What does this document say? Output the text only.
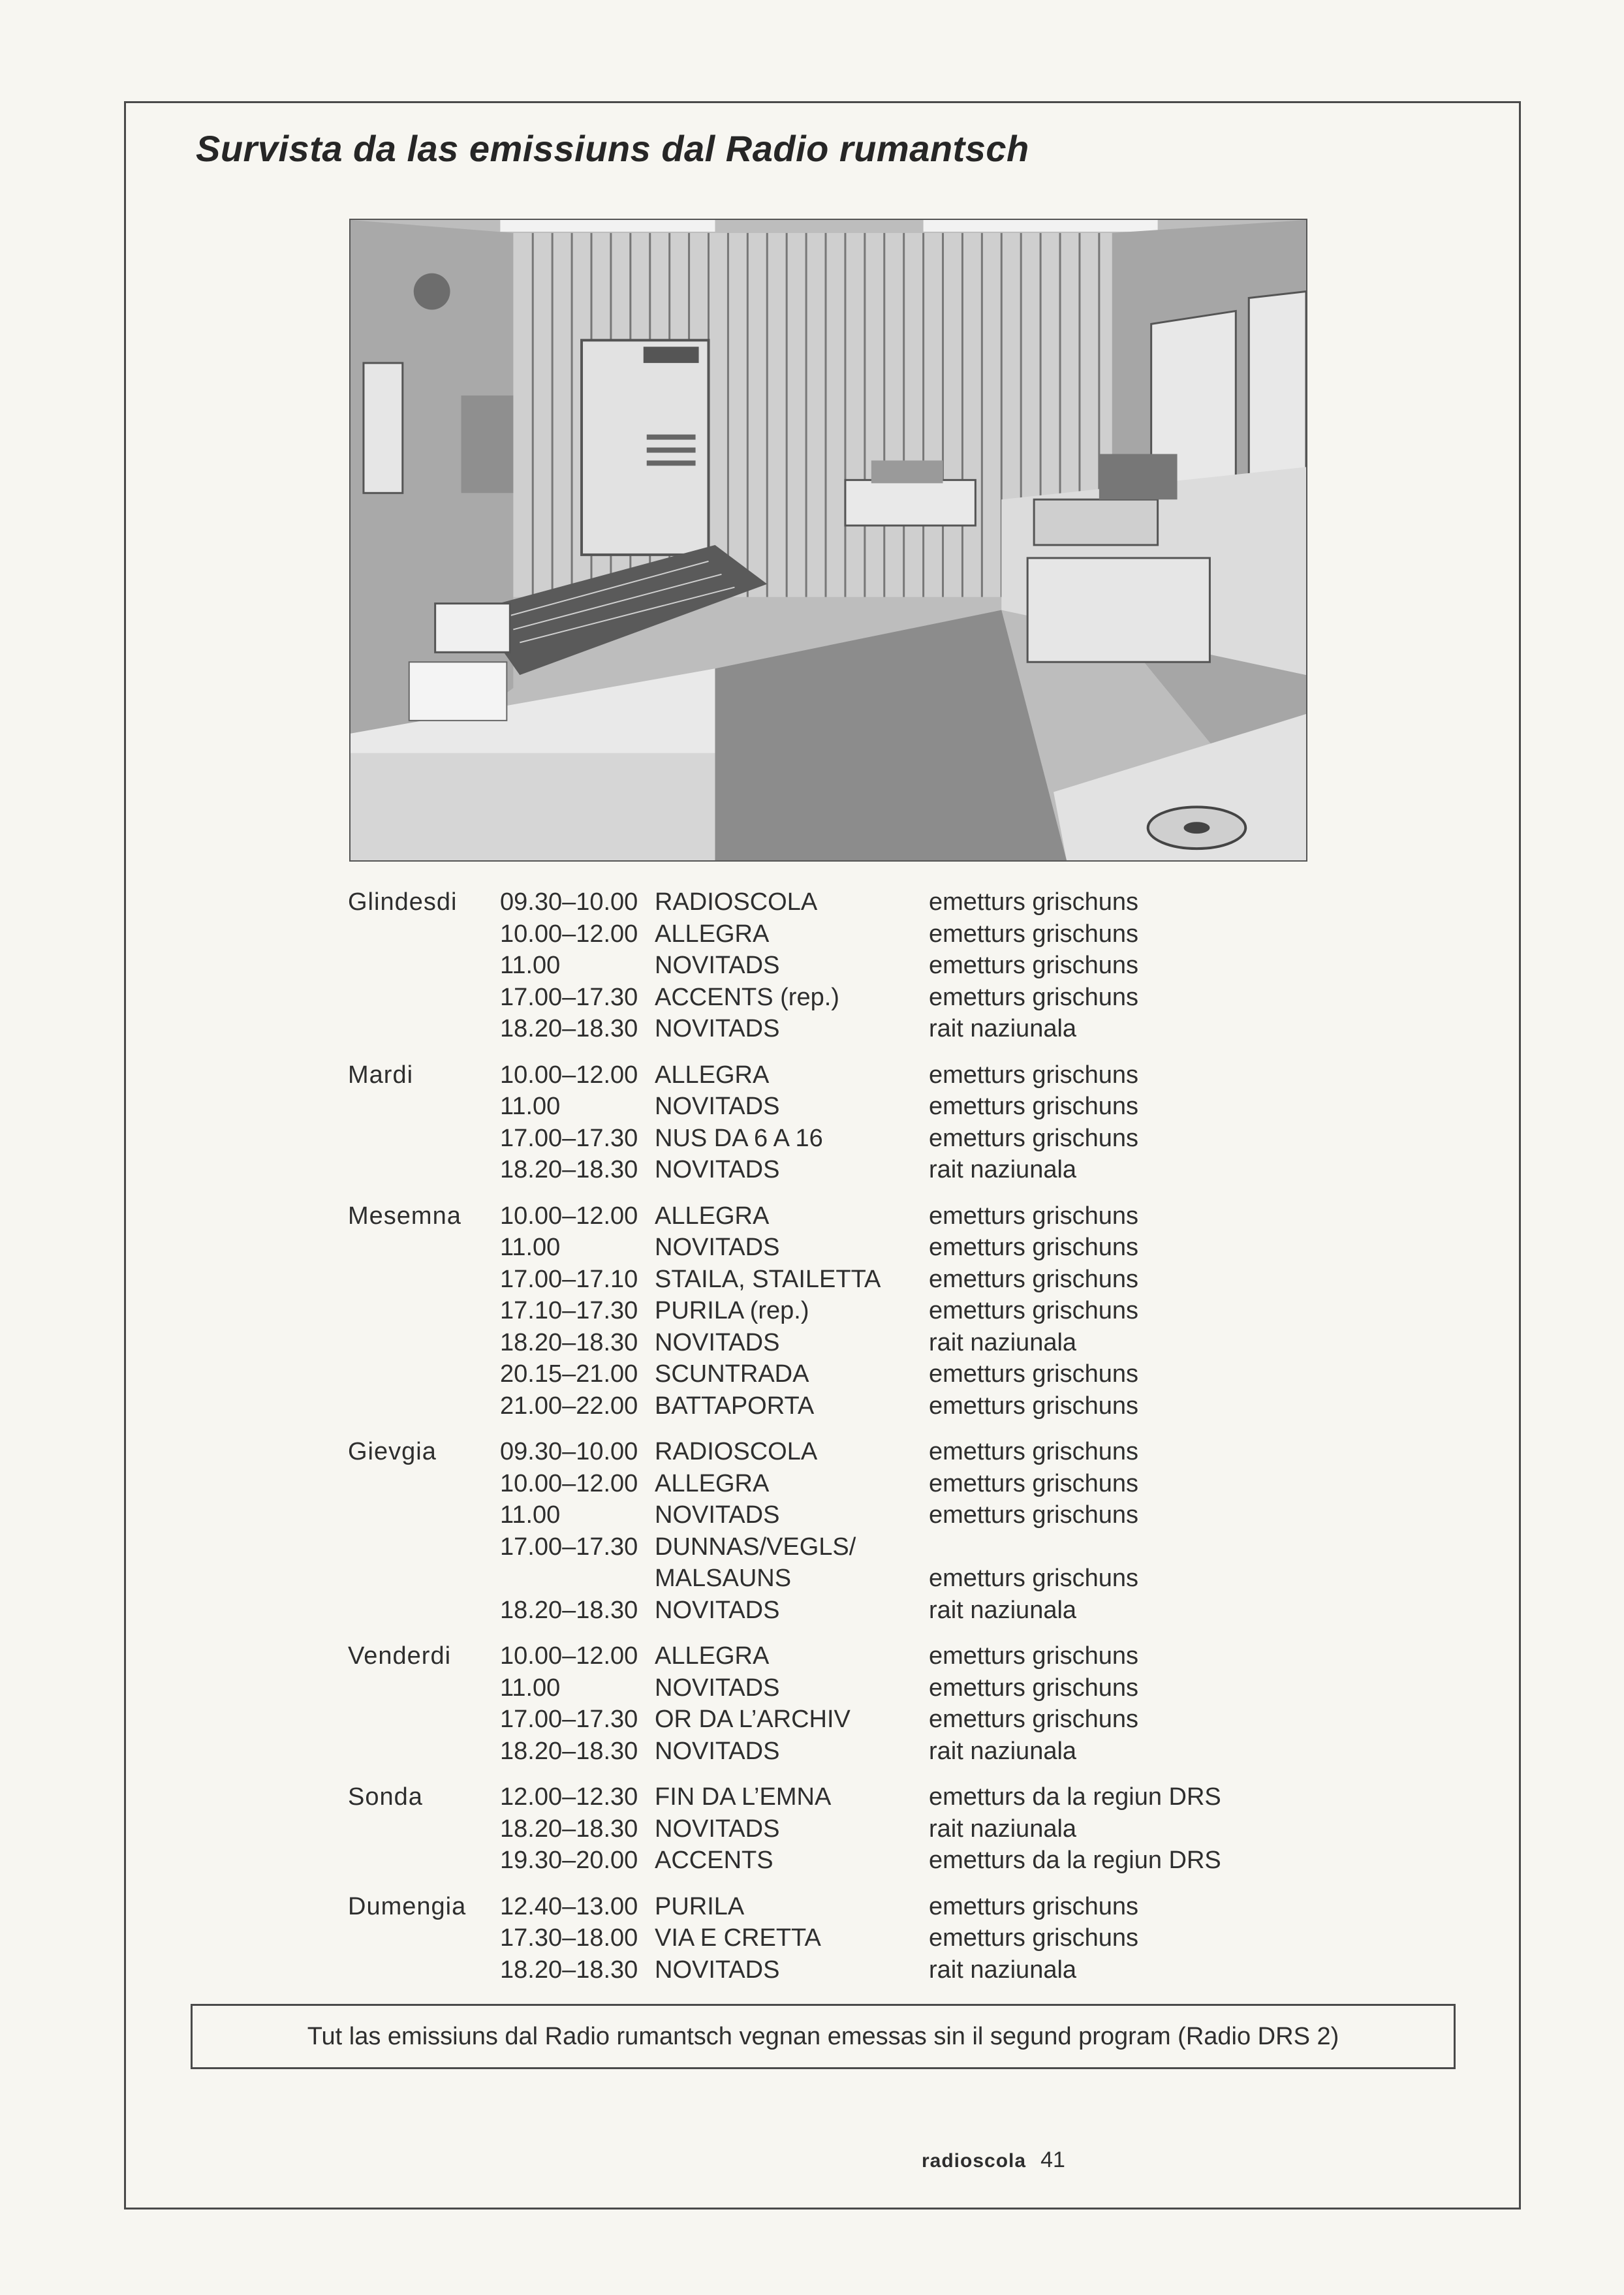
Survista da las emissiuns dal Radio rumantsch
Glindesdi 09.30–10.00 RADIOSCOLA	emetturs grischuns
10.00–12.00 ALLEGRA	emetturs grischuns
11.00	NOVITADS	emetturs grischuns
17.00–17.30 ACCENTS (rep.)	emetturs grischuns
18.20–18.30 NOVITADS	rait naziunala
Mardi	10.00–12.00 ALLEGRA	emetturs grischuns
11.00	NOVITADS	emetturs grischuns
17.00–17.30 NUS DA 6 A 16	emetturs grischuns
18.20–18.30 NOVITADS	rait naziunala
Mesemna 10.00–12.00 ALLEGRA	emetturs grischuns
11.00	NOVITADS	emetturs grischuns
17.00–17.10 STAILA, STAILETTA	emetturs grischuns
17.10–17.30 PURILA (rep.)	emetturs grischuns
18.20–18.30 NOVITADS	rait naziunala
20.15–21.00 SCUNTRADA	emetturs grischuns
21.00–22.00 BATTAPORTA	emetturs grischuns
Gievgia	09.30–10.00 RADIOSCOLA	emetturs grischuns
10.00–12.00 ALLEGRA	emetturs grischuns
11.00	NOVITADS	emetturs grischuns
17.00–17.30 DUNNAS/VEGLS/
MALSAUNS	emetturs grischuns
18.20–18.30 NOVITADS	rait naziunala
Venderdi 10.00–12.00 ALLEGRA	emetturs grischuns
11.00	NOVITADS	emetturs grischuns
17.00–17.30 OR DA L’ARCHIV	emetturs grischuns
18.20–18.30 NOVITADS	rait naziunala
Sonda	12.00–12.30 FIN DA L’EMNA	emetturs da la regiun DRS
18.20–18.30 NOVITADS	rait naziunala
19.30–20.00 ACCENTS	emetturs da la regiun DRS
Dumengia 12.40–13.00 PURILA	emetturs grischuns
17.30–18.00 VIA E CRETTA	emetturs grischuns
18.20–18.30 NOVITADS	rait naziunala
Tut las emissiuns dal Radio rumantsch vegnan emessas sin il segund program (Radio DRS 2)
radioscola 41
